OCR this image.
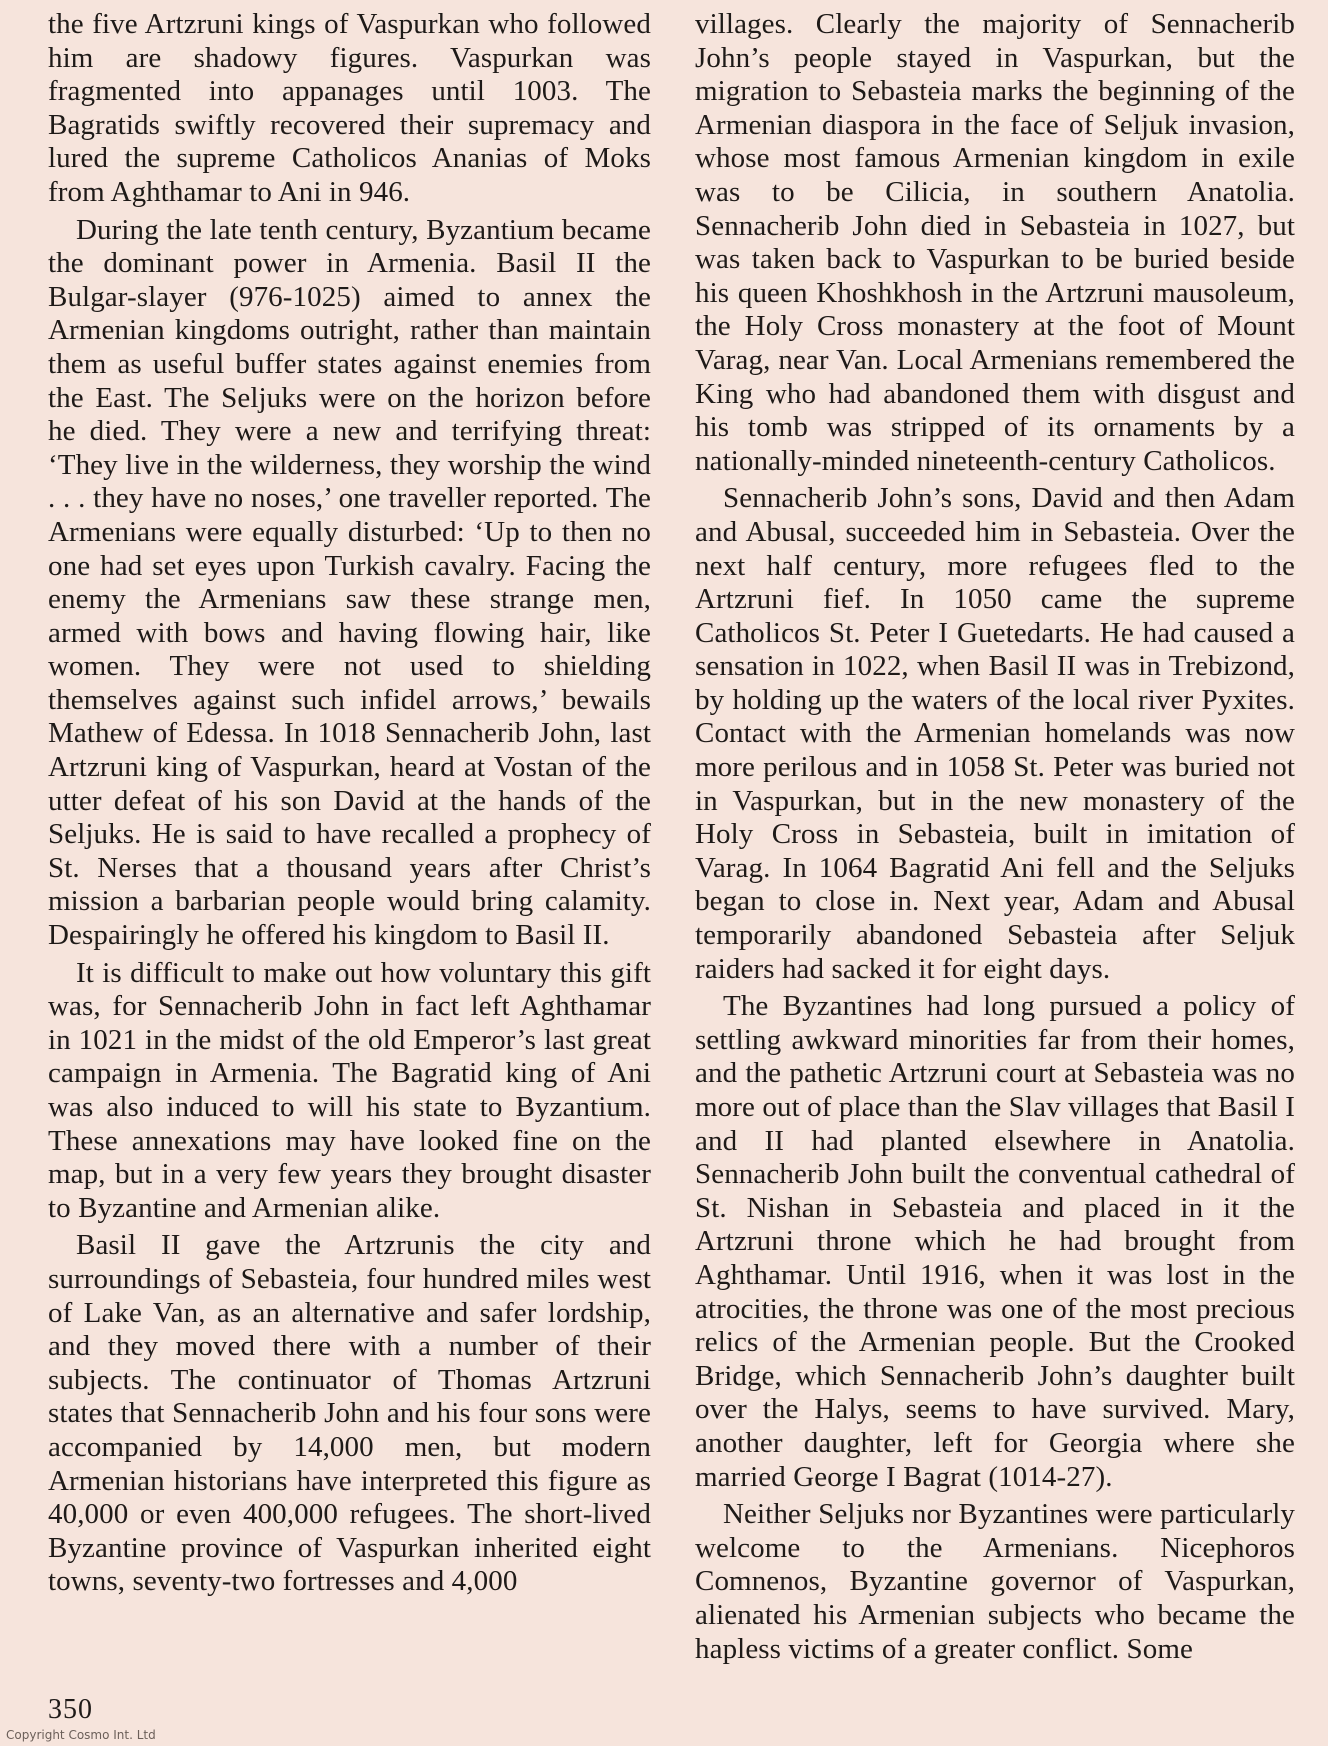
the five Artzruni kings of Vaspurkan who followed him are shadowy figures. Vaspurkan was fragmented into appanages until 1003. The Bagratids swiftly recovered their supremacy and lured the supreme Catholicos Ananias of Moks from Aghthamar to Ani in 946.

During the late tenth century, Byzantium became the dominant power in Armenia. Basil II the Bulgar-slayer (976-1025) aimed to annex the Armenian kingdoms outright, rather than maintain them as useful buffer states against enemies from the East. The Seljuks were on the horizon before he died. They were a new and terrifying threat: ‘They live in the wilderness, they worship the wind . . . they have no noses,’ one traveller reported. The Armenians were equally disturbed: ‘Up to then no one had set eyes upon Turkish cavalry. Facing the enemy the Armenians saw these strange men, armed with bows and having flowing hair, like women. They were not used to shielding themselves against such infidel arrows,’ bewails Mathew of Edessa. In 1018 Sennacherib John, last Artzruni king of Vaspurkan, heard at Vostan of the utter defeat of his son David at the hands of the Seljuks. He is said to have recalled a prophecy of St. Nerses that a thousand years after Christ’s mission a barbarian people would bring calamity. Despairingly he offered his kingdom to Basil II.

It is difficult to make out how voluntary this gift was, for Sennacherib John in fact left Aghthamar in 1021 in the midst of the old Emperor’s last great campaign in Armenia. The Bagratid king of Ani was also induced to will his state to Byzantium. These annexations may have looked fine on the map, but in a very few years they brought disaster to Byzantine and Armenian alike.

Basil II gave the Artzrunis the city and surroundings of Sebasteia, four hundred miles west of Lake Van, as an alternative and safer lordship, and they moved there with a number of their subjects. The continuator of Thomas Artzruni states that Sennacherib John and his four sons were accompanied by 14,000 men, but modern Armenian historians have interpreted this figure as 40,000 or even 400,000 refugees. The short-lived Byzantine province of Vaspurkan inherited eight towns, seventy-two fortresses and 4,000

villages. Clearly the majority of Sennacherib John’s people stayed in Vaspurkan, but the migration to Sebasteia marks the beginning of the Armenian diaspora in the face of Seljuk invasion, whose most famous Armenian kingdom in exile was to be Cilicia, in southern Anatolia. Sennacherib John died in Sebasteia in 1027, but was taken back to Vaspurkan to be buried beside his queen Khoshkhosh in the Artzruni mausoleum, the Holy Cross monastery at the foot of Mount Varag, near Van. Local Armenians remembered the King who had abandoned them with disgust and his tomb was stripped of its ornaments by a nationally-minded nineteenth-century Catholicos.

Sennacherib John’s sons, David and then Adam and Abusal, succeeded him in Sebasteia. Over the next half century, more refugees fled to the Artzruni fief. In 1050 came the supreme Catholicos St. Peter I Guetedarts. He had caused a sensation in 1022, when Basil II was in Trebizond, by holding up the waters of the local river Pyxites. Contact with the Armenian homelands was now more perilous and in 1058 St. Peter was buried not in Vaspurkan, but in the new monastery of the Holy Cross in Sebasteia, built in imitation of Varag. In 1064 Bagratid Ani fell and the Seljuks began to close in. Next year, Adam and Abusal temporarily abandoned Sebasteia after Seljuk raiders had sacked it for eight days.

The Byzantines had long pursued a policy of settling awkward minorities far from their homes, and the pathetic Artzruni court at Sebasteia was no more out of place than the Slav villages that Basil I and II had planted elsewhere in Anatolia. Sennacherib John built the conventual cathedral of St. Nishan in Sebasteia and placed in it the Artzruni throne which he had brought from Aghthamar. Until 1916, when it was lost in the atrocities, the throne was one of the most precious relics of the Armenian people. But the Crooked Bridge, which Sennacherib John’s daughter built over the Halys, seems to have survived. Mary, another daughter, left for Georgia where she married George I Bagrat (1014-27).

Neither Seljuks nor Byzantines were particularly welcome to the Armenians. Nicephoros Comnenos, Byzantine governor of Vaspurkan, alienated his Armenian subjects who became the hapless victims of a greater conflict. Some

350
Copyright Cosmo Int. Ltd
